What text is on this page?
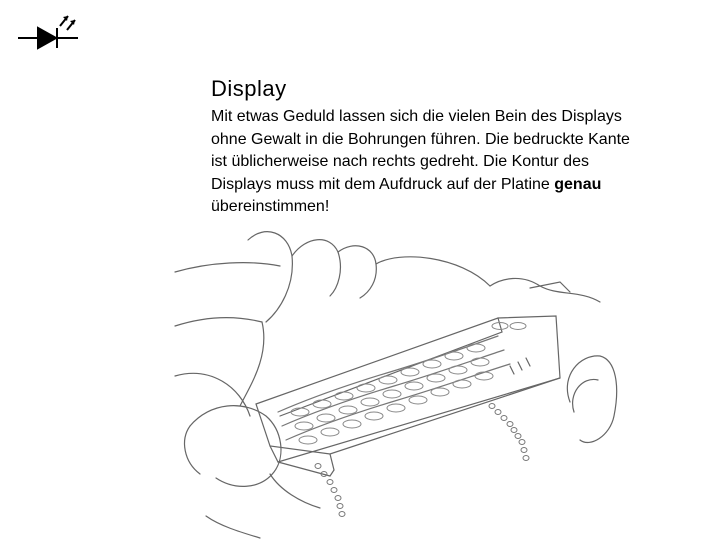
Display
Mit etwas Geduld lassen sich die vielen Bein des Displays ohne Gewalt in die Bohrungen führen. Die bedruckte Kante ist üblicherweise nach rechts gedreht. Die Kontur des Displays muss mit dem Aufdruck auf der Platine genau übereinstimmen!
